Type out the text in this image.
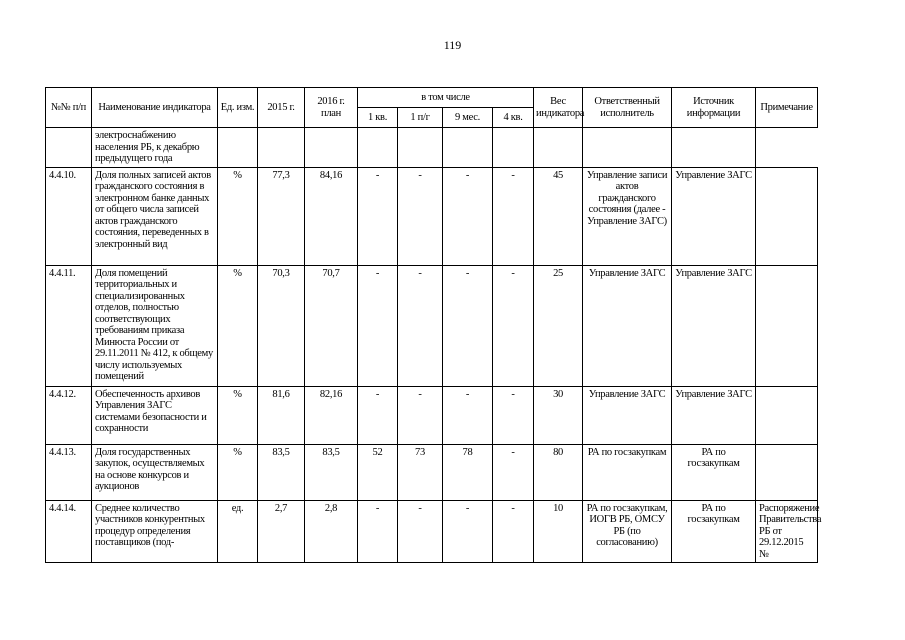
119
№№ п/п	Наименование индикатора	Ед. изм.	2015 г.	2016 г. план	в том числе				Вес индикатора	Ответственный исполнитель	Источник информации	Примечание
					1 кв.	1 п/г	9 мес.	4 кв.				
	электроснабжению населения РБ, к декабрю предыдущего года											
4.4.10.	Доля полных записей актов гражданского состояния в электронном банке данных от общего числа записей актов гражданского состояния, переведенных в электронный вид	%	77,3	84,16	-	-	-	-	45	Управление записи актов гражданского состояния (далее - Управление ЗАГС)	Управление ЗАГС	
4.4.11.	Доля помещений территориальных и специализированных отделов, полностью соответствующих требованиям приказа Минюста России от 29.11.2011 № 412, к общему числу используемых помещений	%	70,3	70,7	-	-	-	-	25	Управление ЗАГС	Управление ЗАГС	
4.4.12.	Обеспеченность архивов Управления ЗАГС системами безопасности и сохранности	%	81,6	82,16	-	-	-	-	30	Управление ЗАГС	Управление ЗАГС	
4.4.13.	Доля государственных закупок, осуществляемых на основе конкурсов и аукционов	%	83,5	83,5	52	73	78	-	80	РА по госзакупкам	РА по госзакупкам	
4.4.14.	Среднее количество участников конкурентных процедур определения поставщиков (под-	ед.	2,7	2,8	-	-	-	-	10	РА по госзакупкам, ИОГВ РБ, ОМСУ РБ (по согласованию)	РА по госзакупкам	Распоряжение Правительства РБ от 29.12.2015 №
